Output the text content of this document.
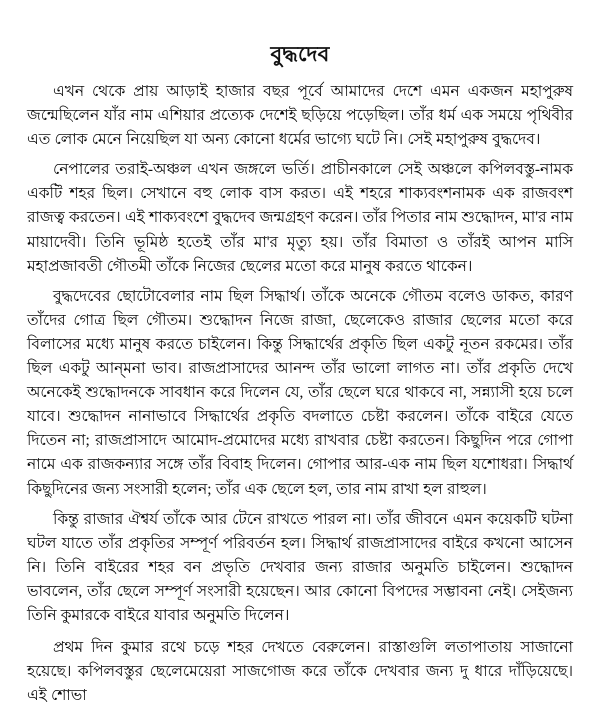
বুদ্ধদেব

এখন থেকে প্রায় আড়াই হাজার বছর পূর্বে আমাদের দেশে এমন একজন মহাপুরুষ জন্মেছিলেন যাঁর নাম এশিয়ার প্রত্যেক দেশেই ছড়িয়ে পড়েছিল। তাঁর ধর্ম এক সময়ে পৃথিবীর এত লোক মেনে নিয়েছিল যা অন্য কোনো ধর্মের ভাগ্যে ঘটে নি। সেই মহাপুরুষ বুদ্ধদেব।

নেপালের তরাই-অঞ্চল এখন জঙ্গলে ভর্তি। প্রাচীনকালে সেই অঞ্চলে কপিলবস্তু-নামক একটি শহর ছিল। সেখানে বহু লোক বাস করত। এই শহরে শাক্যবংশনামক এক রাজবংশ রাজত্ব করতেন। এই শাক্যবংশে বুদ্ধদেব জন্মগ্রহণ করেন। তাঁর পিতার নাম শুদ্ধোদন, মা'র নাম মায়াদেবী। তিনি ভূমিষ্ঠ হতেই তাঁর মা'র মৃত্যু হয়। তাঁর বিমাতা ও তাঁরই আপন মাসি মহাপ্রজাবতী গৌতমী তাঁকে নিজের ছেলের মতো করে মানুষ করতে থাকেন।

বুদ্ধদেবের ছোটোবেলার নাম ছিল সিদ্ধার্থ। তাঁকে অনেকে গৌতম বলেও ডাকত, কারণ তাঁদের গোত্র ছিল গৌতম। শুদ্ধোদন নিজে রাজা, ছেলেকেও রাজার ছেলের মতো করে বিলাসের মধ্যে মানুষ করতে চাইলেন। কিন্তু সিদ্ধার্থের প্রকৃতি ছিল একটু নূতন রকমের। তাঁর ছিল একটু আন্‌মনা ভাব। রাজপ্রাসাদের আনন্দ তাঁর ভালো লাগত না। তাঁর প্রকৃতি দেখে অনেকেই শুদ্ধোদনকে সাবধান করে দিলেন যে, তাঁর ছেলে ঘরে থাকবে না, সন্ন্যাসী হয়ে চলে যাবে। শুদ্ধোদন নানাভাবে সিদ্ধার্থের প্রকৃতি বদলাতে চেষ্টা করলেন। তাঁকে বাইরে যেতে দিতেন না; রাজপ্রাসাদে আমোদ-প্রমোদের মধ্যে রাখবার চেষ্টা করতেন। কিছুদিন পরে গোপা নামে এক রাজকন্যার সঙ্গে তাঁর বিবাহ দিলেন। গোপার আর-এক নাম ছিল যশোধরা। সিদ্ধার্থ কিছুদিনের জন্য সংসারী হলেন; তাঁর এক ছেলে হল, তার নাম রাখা হল রাহুল।

কিন্তু রাজার ঐশ্বর্য তাঁকে আর টেনে রাখতে পারল না। তাঁর জীবনে এমন কয়েকটি ঘটনা ঘটল যাতে তাঁর প্রকৃতির সম্পূর্ণ পরিবর্তন হল। সিদ্ধার্থ রাজপ্রাসাদের বাইরে কখনো আসেন নি। তিনি বাইরের শহর বন প্রভৃতি দেখবার জন্য রাজার অনুমতি চাইলেন। শুদ্ধোদন ভাবলেন, তাঁর ছেলে সম্পূর্ণ সংসারী হয়েছেন। আর কোনো বিপদের সম্ভাবনা নেই। সেইজন্য তিনি কুমারকে বাইরে যাবার অনুমতি দিলেন।

প্রথম দিন কুমার রথে চড়ে শহর দেখতে বেরুলেন। রাস্তাগুলি লতাপাতায় সাজানো হয়েছে। কপিলবস্তুর ছেলেমেয়েরা সাজগোজ করে তাঁকে দেখবার জন্য দু ধারে দাঁড়িয়েছে। এই শোভা
